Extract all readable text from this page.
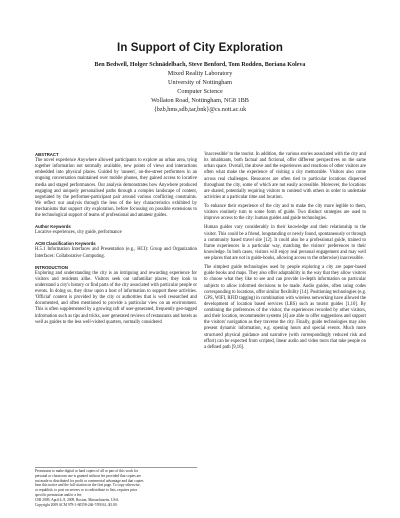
In Support of City Exploration
Ben Bedwell, Holger Schnädelbach, Steve Benford, Tom Rodden, Boriana Koleva
Mixed Reality Laboratory
University of Nottingham
Computer Science
Wollaton Road, Nottingham, NG8 1BB
{bzb,hms,sdb,tar,bnk}@cs.nott.ac.uk
ABSTRACT

The novel experience Anywhere allowed participants to explore an urban area, tying together information not normally available, new points of views and interactions embedded into physical places. Guided by 'unseen', on-the-street performers in an ongoing conversation maintained over mobile phones, they gained access to locative media and staged performances. Our analysis demonstrates how Anywhere produced engaging and uniquely personalised paths through a complex landscape of content, negotiated by the performer-participant pair around various conflicting constraints. We reflect our analysis through the lens of the key characteristics exhibited by mechanisms that support city exploration, before focussing on possible extensions to the technological support of teams of professional and amateur guides.

Author Keywords

Locative experiences, city guide, performance

ACM Classification Keywords

H.5.1 Information Interfaces and Presentation (e.g., HCI): Group and Organization Interfaces: Collaborative Computing.

INTRODUCTION

Exploring and understanding the city is an intriguing and rewarding experience for visitors and residents alike. Visitors seek out unfamiliar places; they look to understand a city's history or find parts of the city associated with particular people or events. In doing so, they draw upon a host of information to support these activities. 'Official' content is provided by the city or authorities that is well researched and documented, and often mentioned to provide a particular view on an environment. This is often supplemented by a growing raft of user-generated, frequently geo-tagged information such as tips and tricks, user generated reviews of restaurants and hotels as well as guides to the less well-visited quarters, normally considered

'inaccessible' to the tourist. In addition, the various stories associated with the city and its inhabitants, both factual and fictional, offer different perspectives on the same urban space. Overall, the above and the experiences and reactions of other visitors are often what make the experience of visiting a city memorable. Visitors also come across real challenges. Resources are often tied to particular locations dispersed throughout the city, some of which are not easily accessible. Moreover, the locations are shared, potentially requiring visitors to contend with others in order to undertake activities at a particular time and location.

To enhance their experience of the city and to make the city more legible to them, visitors routinely turn to some form of guide. Two distinct strategies are used to improve access to the city: human guides and guide technologies.

Human guides vary considerably in their knowledge and their relationship to the visitor. This could be a friend, longstanding or newly found, spontaneously or through a community based travel site [12]. It could also be a professional guide, trained to frame experiences in a particular way, matching the visitors' preferences to their knowledge. In both cases, visitors will enjoy real personal engagement and may well see places that are not in guide-books, allowing access to the otherwise) inaccessible.

The simplest guide technologies used by people exploring a city are paper-based guide books and maps. They also offer adaptability in the way that they allow visitors to choose what they like to see and can provide in-depth information on particular subjects to allow informed decisions to be made. Audio guides, often using codes corresponding to locations, offer similar flexibility [14]. Positioning technologies (e.g. GPS, WIFI, RFID tagging) in combination with wireless networking have allowed the development of location based services (LBS) such as tourist guides [1,10]. By combining the preferences of the visitor, the experiences recorded by other visitors, and their location, recommender systems [4] are able to offer suggestions and support the visitors' navigation as they traverse the city. Finally, guide technologies may also present dynamic information, e.g. opening hours and special events. Much more structured physical guidance and narrative (with correspondingly reduced risk and effort) can be expected from scripted, linear audio and video tours that take people on a defined path [9,16].

Permission to make digital or hard copies of all or part of this work for
personal or classroom use is granted without fee provided that copies are
not made or distributed for profit or commercial advantage and that copies
bear this notice and the full citation on the first page. To copy otherwise,
or republish, to post on servers or to redistribute to lists, requires prior
specific permission and/or a fee.
CHI 2009, April 4–9, 2009, Boston, Massachusetts, USA.
Copyright 2009 ACM 978-1-60558-246-7/09/04...$5.00.
